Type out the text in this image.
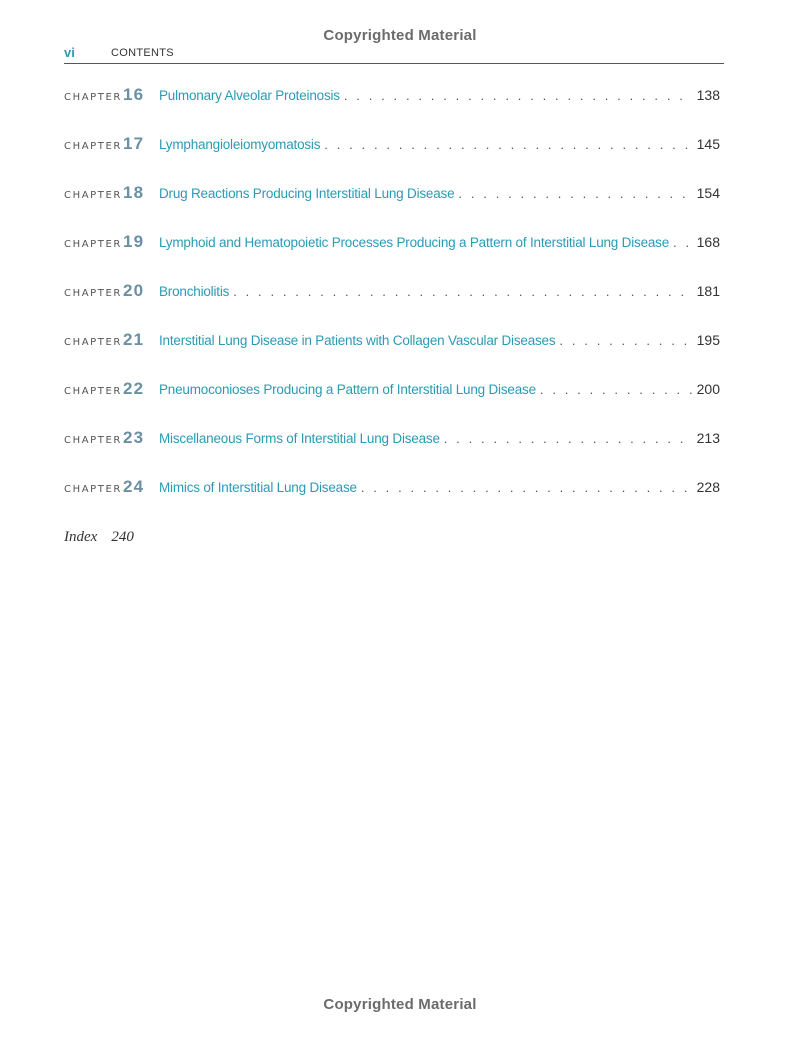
Copyrighted Material
vi	CONTENTS
CHAPTER 16	Pulmonary Alveolar Proteinosis . . .	138
CHAPTER 17	Lymphangioleiomyomatosis . . .	145
CHAPTER 18	Drug Reactions Producing Interstitial Lung Disease . . .	154
CHAPTER 19	Lymphoid and Hematopoietic Processes Producing a Pattern of Interstitial Lung Disease . . . 168
CHAPTER 20	Bronchiolitis . . .	181
CHAPTER 21	Interstitial Lung Disease in Patients with Collagen Vascular Diseases . . .	195
CHAPTER 22	Pneumoconioses Producing a Pattern of Interstitial Lung Disease . . .	200
CHAPTER 23	Miscellaneous Forms of Interstitial Lung Disease . . .	213
CHAPTER 24	Mimics of Interstitial Lung Disease . . .	228
Index 240
Copyrighted Material
